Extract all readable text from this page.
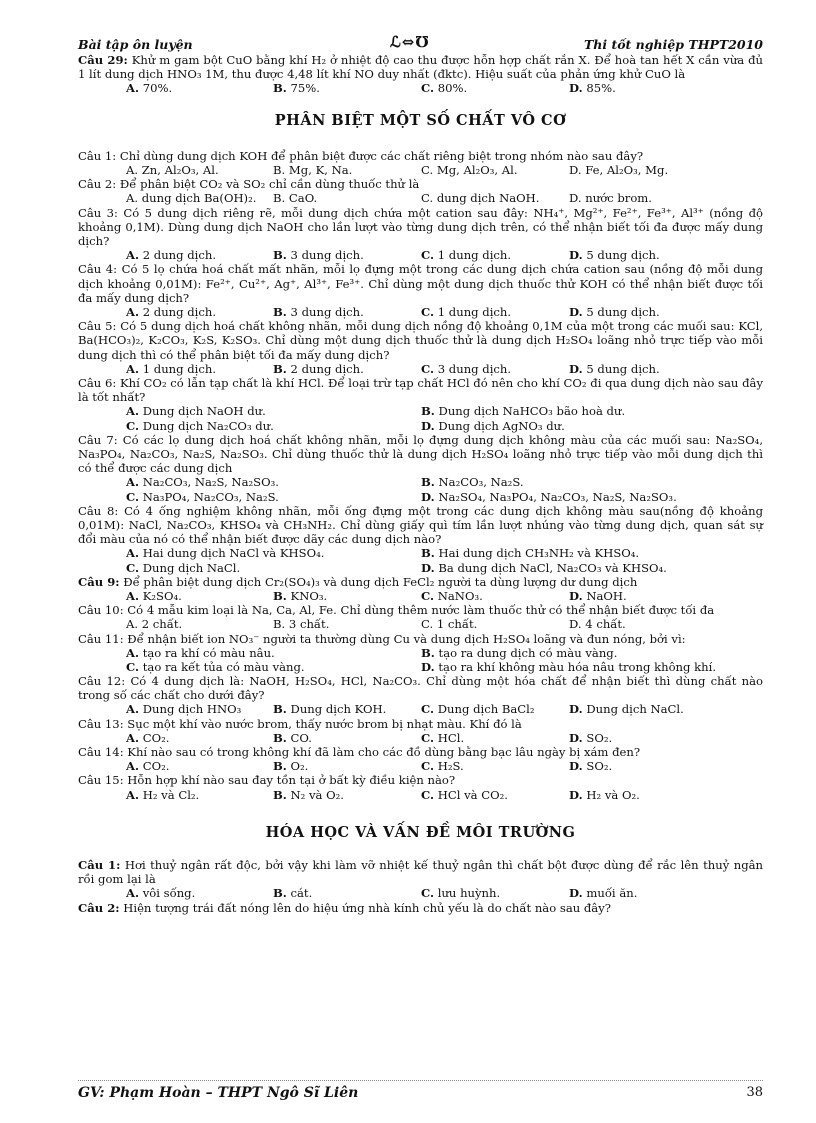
Bài tập ôn luyện	ℒ⇔℧	Thi tốt nghiệp THPT2010
Câu 29: Khử m gam bột CuO bằng khí H₂ ở nhiệt độ cao thu được hỗn hợp chất rắn X. Để hoà tan hết X cần vừa đủ 1 lít dung dịch HNO₃ 1M, thu được 4,48 lít khí NO duy nhất (đktc). Hiệu suất của phản ứng khử CuO là
A. 70%.	B. 75%.	C. 80%.	D. 85%.
PHÂN BIỆT MỘT SỐ CHẤT VÔ CƠ
Câu 1: Chỉ dùng dung dịch KOH để phân biệt được các chất riêng biệt trong nhóm nào sau đây?
A. Zn, Al₂O₃, Al.	B. Mg, K, Na.	C. Mg, Al₂O₃, Al.	D. Fe, Al₂O₃, Mg.
Câu 2: Để phân biệt CO₂ và SO₂ chỉ cần dùng thuốc thử là
A. dung dịch Ba(OH)₂. B. CaO.	C. dung dịch NaOH.	D. nước brom.
Câu 3: Có 5 dung dịch riêng rẽ, mỗi dung dịch chứa một cation sau đây: NH₄⁺, Mg²⁺, Fe²⁺, Fe³⁺, Al³⁺ (nồng độ khoảng 0,1M). Dùng dung dịch NaOH cho lần lượt vào từng dung dịch trên, có thể nhận biết tối đa được mấy dung dịch?
A. 2 dung dịch.	B. 3 dung dịch.	C. 1 dung dịch.	D. 5 dung dịch.
Câu 4: Có 5 lọ chứa hoá chất mất nhãn, mỗi lọ đựng một trong các dung dịch chứa cation sau (nồng độ mỗi dung dịch khoảng 0,01M): Fe²⁺, Cu²⁺, Ag⁺, Al³⁺, Fe³⁺. Chỉ dùng một dung dịch thuốc thử KOH có thể nhận biết được tối đa mấy dung dịch?
A. 2 dung dịch.	B. 3 dung dịch.	C. 1 dung dịch.	D. 5 dung dịch.
Câu 5: Có 5 dung dịch hoá chất không nhãn, mỗi dung dịch nồng độ khoảng 0,1M của một trong các muối sau: KCl, Ba(HCO₃)₂, K₂CO₃, K₂S, K₂SO₃. Chỉ dùng một dung dịch thuốc thử là dung dịch H₂SO₄ loãng nhỏ trực tiếp vào mỗi dung dịch thì có thể phân biệt tối đa mấy dung dịch?
A. 1 dung dịch.	B. 2 dung dịch.	C. 3 dung dịch.	D. 5 dung dịch.
Câu 6: Khí CO₂ có lẫn tạp chất là khí HCl. Để loại trừ tạp chất HCl đó nên cho khí CO₂ đi qua dung dịch nào sau đây là tốt nhất?
A. Dung dịch NaOH dư.	B. Dung dịch NaHCO₃ bão hoà dư.
C. Dung dịch Na₂CO₃ dư.	D. Dung dịch AgNO₃ dư.
Câu 7: Có các lọ dung dịch hoá chất không nhãn, mỗi lọ đựng dung dịch không màu của các muối sau: Na₂SO₄, Na₃PO₄, Na₂CO₃, Na₂S, Na₂SO₃. Chỉ dùng thuốc thử là dung dịch H₂SO₄ loãng nhỏ trực tiếp vào mỗi dung dịch thì có thể được các dung dịch
A. Na₂CO₃, Na₂S, Na₂SO₃.	B. Na₂CO₃, Na₂S.
C. Na₃PO₄, Na₂CO₃, Na₂S.	D. Na₂SO₄, Na₃PO₄, Na₂CO₃, Na₂S, Na₂SO₃.
Câu 8: Có 4 ống nghiệm không nhãn, mỗi ống đựng một trong các dung dịch không màu sau(nồng độ khoảng 0,01M): NaCl, Na₂CO₃, KHSO₄ và CH₃NH₂. Chỉ dùng giấy quì tím lần lượt nhúng vào từng dung dịch, quan sát sự đổi màu của nó có thể nhận biết được dãy các dung dịch nào?
A. Hai dung dịch NaCl và KHSO₄.	B. Hai dung dịch CH₃NH₂ và KHSO₄.
C. Dung dịch NaCl.	D. Ba dung dịch NaCl, Na₂CO₃ và KHSO₄.
Câu 9: Để phân biệt dung dịch Cr₂(SO₄)₃ và dung dịch FeCl₂ người ta dùng lượng dư dung dịch
A. K₂SO₄.	B. KNO₃.	C. NaNO₃.	D. NaOH.
Câu 10: Có 4 mẫu kim loại là Na, Ca, Al, Fe. Chỉ dùng thêm nước làm thuốc thử có thể nhận biết được tối đa
A. 2 chất.	B. 3 chất.	C. 1 chất.	D. 4 chất.
Câu 11: Để nhận biết ion NO₃⁻ người ta thường dùng Cu và dung dịch H₂SO₄ loãng và đun nóng, bởi vì:
A. tạo ra khí có màu nâu.	B. tạo ra dung dịch có màu vàng.
C. tạo ra kết tủa có màu vàng.	D. tạo ra khí không màu hóa nâu trong không khí.
Câu 12: Có 4 dung dịch là: NaOH, H₂SO₄, HCl, Na₂CO₃. Chỉ dùng một hóa chất để nhận biết thì dùng chất nào trong số các chất cho dưới đây?
A. Dung dịch HNO₃	B. Dung dịch KOH.	C. Dung dịch BaCl₂	D. Dung dịch NaCl.
Câu 13: Sục một khí vào nước brom, thấy nước brom bị nhạt màu. Khí đó là
A. CO₂.	B. CO.	C. HCl.	D. SO₂.
Câu 14: Khí nào sau có trong không khí đã làm cho các đồ dùng bằng bạc lâu ngày bị xám đen?
A. CO₂.	B. O₂.	C. H₂S.	D. SO₂.
Câu 15: Hỗn hợp khí nào sau đay tồn tại ở bất kỳ điều kiện nào?
A. H₂ và Cl₂.	B. N₂ và O₂.	C. HCl và CO₂.	D. H₂ và O₂.
HÓA HỌC VÀ VẤN ĐỀ MÔI TRƯỜNG
Câu 1: Hơi thuỷ ngân rất độc, bởi vậy khi làm vỡ nhiệt kế thuỷ ngân thì chất bột được dùng để rắc lên thuỷ ngân rồi gom lại là
A. vôi sống.	B. cát.	C. lưu huỳnh.	D. muối ăn.
Câu 2: Hiện tượng trái đất nóng lên do hiệu ứng nhà kính chủ yếu là do chất nào sau đây?
GV: Phạm Hoàn – THPT Ngô Sĩ Liên	38
